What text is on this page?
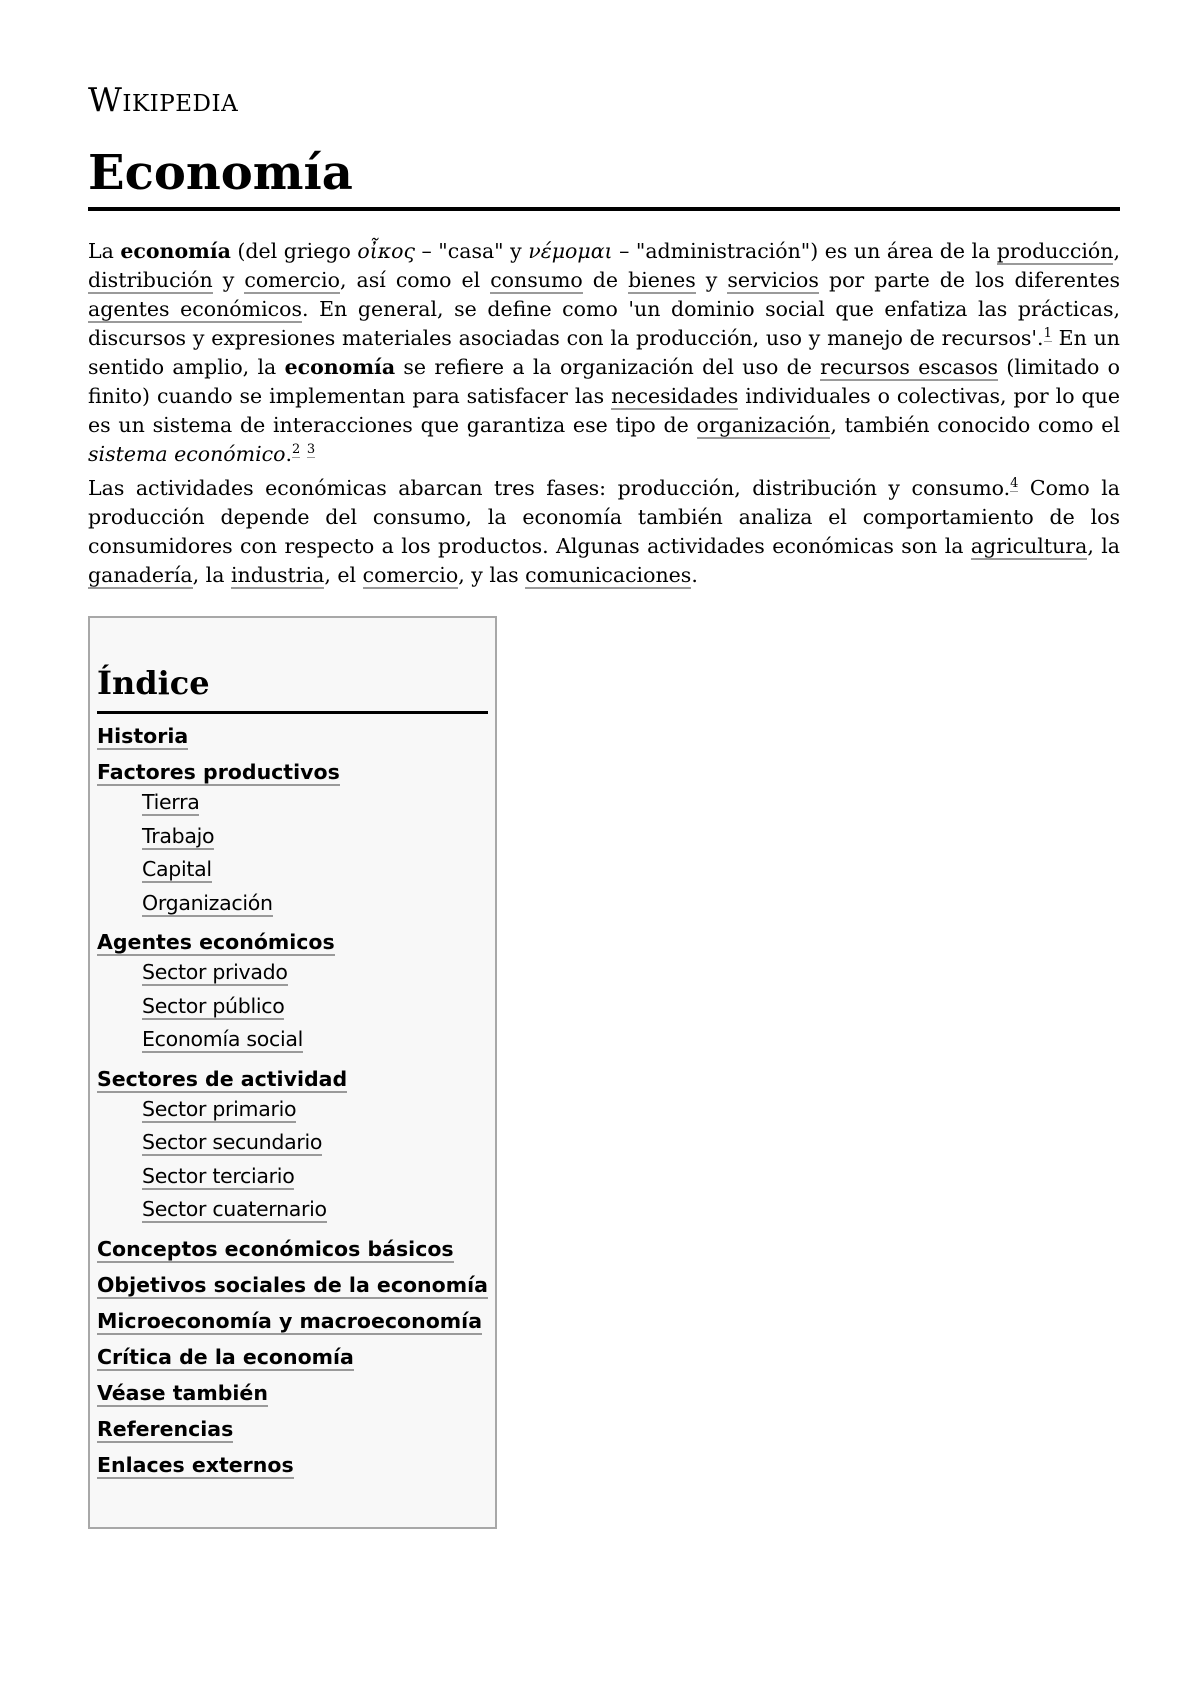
Wikipedia
Economía

La economía (del griego οἶκος – "casa" y νέμομαι – "administración") es un área de la producción, distribución y comercio, así como el consumo de bienes y servicios por parte de los diferentes agentes económicos. En general, se define como 'un dominio social que enfatiza las prácticas, discursos y expresiones materiales asociadas con la producción, uso y manejo de recursos'.$^1$ En un sentido amplio, la economía se refiere a la organización del uso de recursos escasos (limitado o finito) cuando se implementan para satisfacer las necesidades individuales o colectivas, por lo que es un sistema de interacciones que garantiza ese tipo de organización, también conocido como el sistema económico.$^2$ $^3$

Las actividades económicas abarcan tres fases: producción, distribución y consumo.$^4$ Como la producción depende del consumo, la economía también analiza el comportamiento de los consumidores con respecto a los productos. Algunas actividades económicas son la agricultura, la ganadería, la industria, el comercio, y las comunicaciones.

Índice
Historia
Factores productivos
Tierra
Trabajo
Capital
Organización
Agentes económicos
Sector privado
Sector público
Economía social
Sectores de actividad
Sector primario
Sector secundario
Sector terciario
Sector cuaternario
Conceptos económicos básicos
Objetivos sociales de la economía
Microeconomía y macroeconomía
Crítica de la economía
Véase también
Referencias
Enlaces externos
